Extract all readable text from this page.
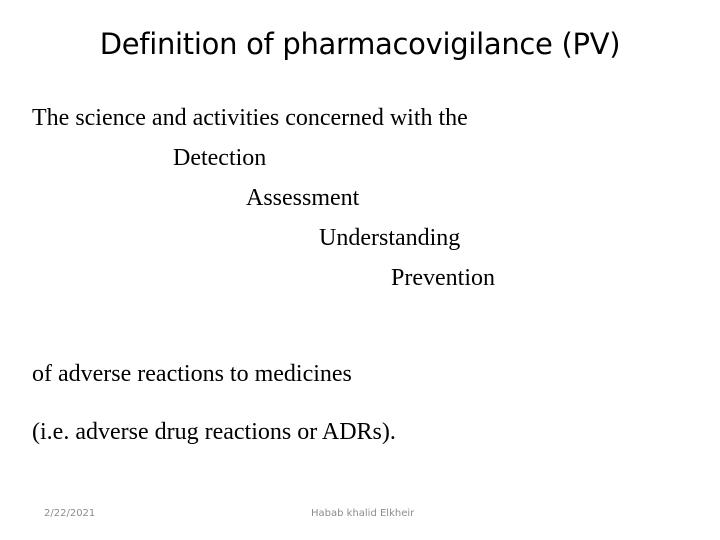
Definition of pharmacovigilance (PV)
The science and activities concerned with the
Detection
Assessment
Understanding
Prevention
of adverse reactions to medicines
(i.e. adverse drug reactions or ADRs).
2/22/2021	Habab khalid Elkheir
